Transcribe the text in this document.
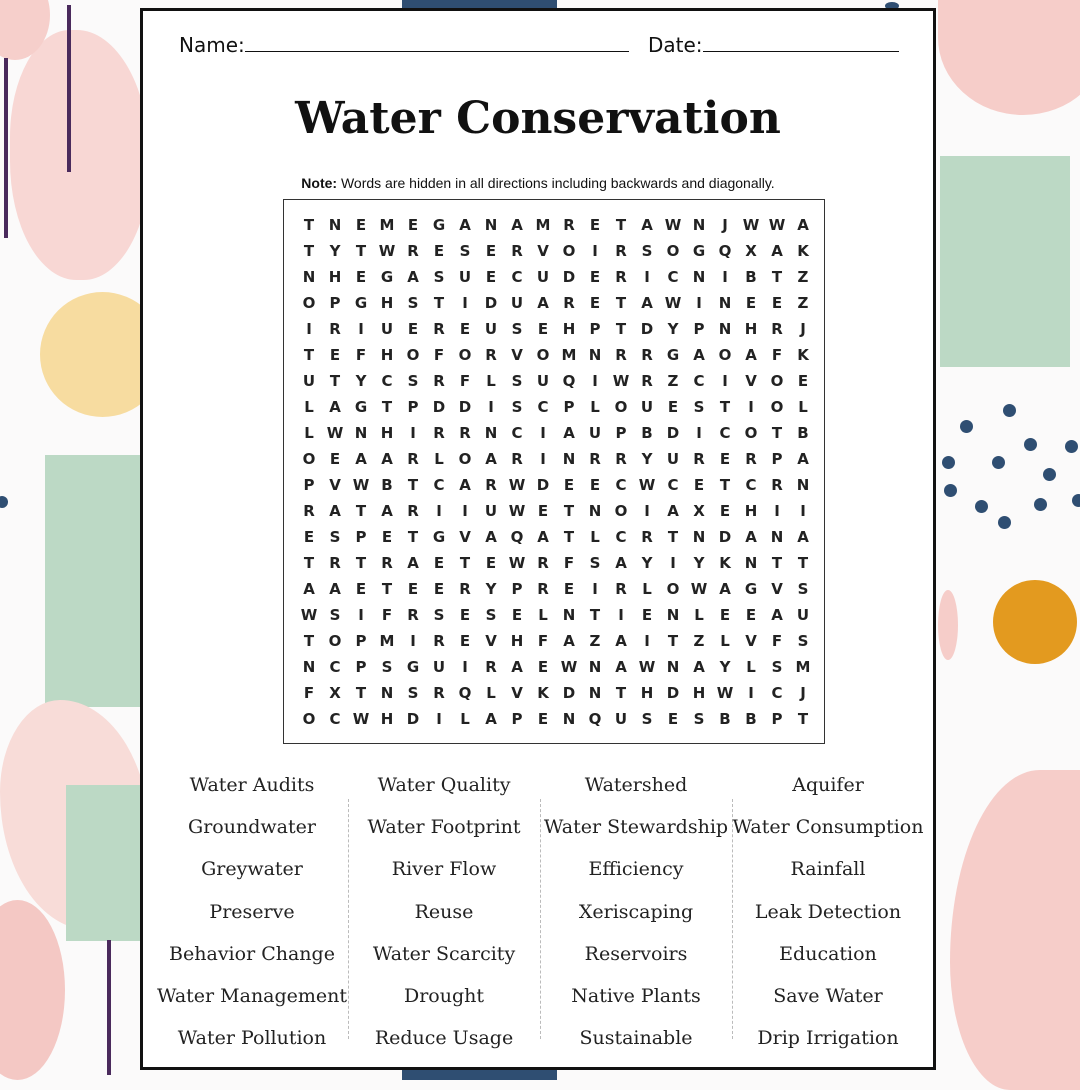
Name:	Date:
Water Conservation
Note: Words are hidden in all directions including backwards and diagonally.
T N E M E G A N A M R	E	T	A W N	J W W A
T	Y	T W R	E	S	E	R V O	I	R S O G Q X A K
N H E G A S U E	C U D E	R	I	C N	I	B	T	Z
O P G H S	T	I	D U A R	E	T	A W I	N E	E	Z
I	R	I	U E	R	E U S	E H P	T D Y	P N H R	J
T	E	F H O F O R V O M N R R G A O A	F	K
U T	Y	C	S R	F	L	S U Q	I W R Z	C	I	V O E
L	A G T	P D D	I	S	C	P	L O U E	S	T	I	O L
L W N H	I	R R N C	I	A U P B D	I	C O T	B
O E	A A R	L O A R	I	N R R Y U R	E	R P A
P V W B	T	C A R W D E	E	C W C	E	T	C R N
R A	T	A R	I	I	U W E	T N O	I	A X	E H	I	I
E	S	P	E	T G V A Q A	T	L	C R	T N D A N A
T	R	T	R A	E	T	E W R	F	S A Y	I	Y K N T	T
A A	E	T	E	E	R Y	P R	E	I	R	L O W A G V S
W S	I	F	R S	E	S	E	L N T	I	E N L	E	E	A U
T O P M	I	R	E	V H F	A Z A	I	T	Z	L	V	F	S
N C	P	S G U	I	R A	E W N A W N A Y	L	S M
F	X	T N S R Q L	V K D N T H D H W I	C	J
O C W H D	I	L	A P	E N Q U S	E	S B B P	T
Water Audits
Groundwater
Greywater
Preserve
Behavior Change
Water Management
Water Pollution
Water Quality
Water Footprint
River Flow
Reuse
Water Scarcity
Drought
Reduce Usage
Watershed
Water Stewardship
Efficiency
Xeriscaping
Reservoirs
Native Plants
Sustainable
Aquifer
Water Consumption
Rainfall
Leak Detection
Education
Save Water
Drip Irrigation
